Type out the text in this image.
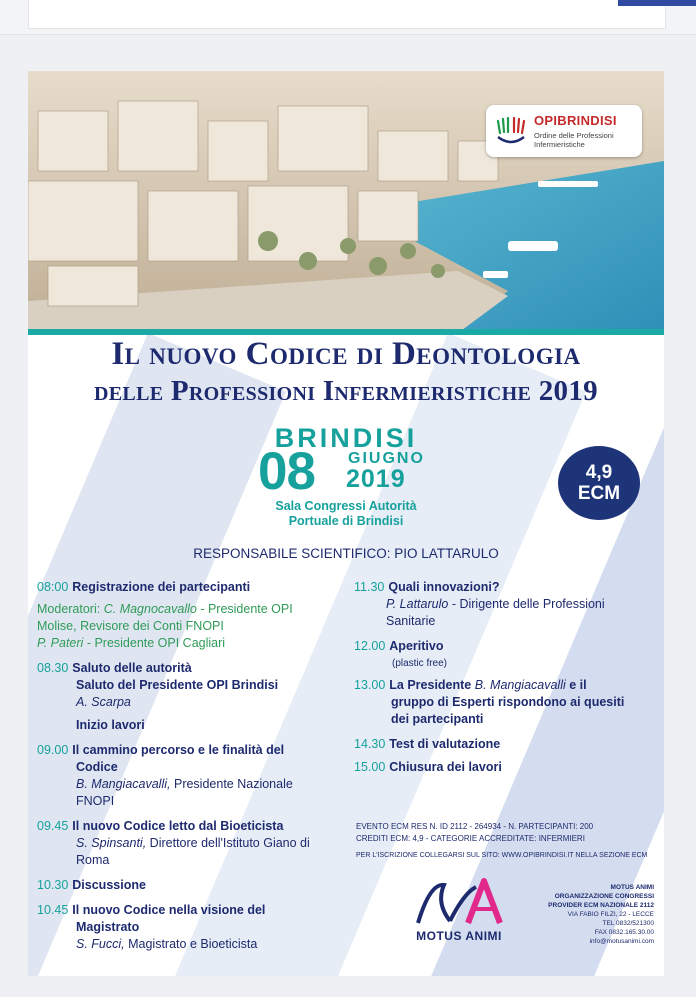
OPIBRINDISI
Ordine delle Professioni Infermieristiche
Il nuovo Codice di Deontologia
delle Professioni Infermieristiche 2019
BRINDISI
08 GIUGNO
2019
Sala Congressi Autorità
Portuale di Brindisi
4,9
ECM
RESPONSABILE SCIENTIFICO: PIO LATTARULO
08:00 Registrazione dei partecipanti
Moderatori: C. Magnocavallo - Presidente OPI
Molise, Revisore dei Conti FNOPI
P. Pateri - Presidente OPI Cagliari
08.30 Saluto delle autorità
Saluto del Presidente OPI Brindisi
A. Scarpa
Inizio lavori
09.00 Il cammino percorso e le finalità del
Codice
B. Mangiacavalli, Presidente Nazionale
FNOPI
09.45 Il nuovo Codice letto dal Bioeticista
S. Spinsanti, Direttore dell'Istituto Giano di
Roma
10.30 Discussione
10.45 Il nuovo Codice nella visione del
Magistrato
S. Fucci, Magistrato e Bioeticista
11.30 Quali innovazioni?
P. Lattarulo - Dirigente delle Professioni
Sanitarie
12.00 Aperitivo
(plastic free)
13.00 La Presidente B. Mangiacavalli e il
gruppo di Esperti rispondono ai quesiti
dei partecipanti
14.30 Test di valutazione
15.00 Chiusura dei lavori
EVENTO ECM RES N. ID 2112 - 264934 - N. PARTECIPANTI: 200
CREDITI ECM: 4,9 - CATEGORIE ACCREDITATE: INFERMIERI
PER L'ISCRIZIONE COLLEGARSI SUL SITO: WWW.OPIBRINDISI.IT NELLA SEZIONE ECM
MOTUS ANIMI
MOTUS ANIMI
ORGANIZZAZIONE CONGRESSI
PROVIDER ECM NAZIONALE 2112
VIA FABIO FILZI, 22 - LECCE
TEL 0832/521300
FAX 0832.165.30.00
info@motusanimi.com
